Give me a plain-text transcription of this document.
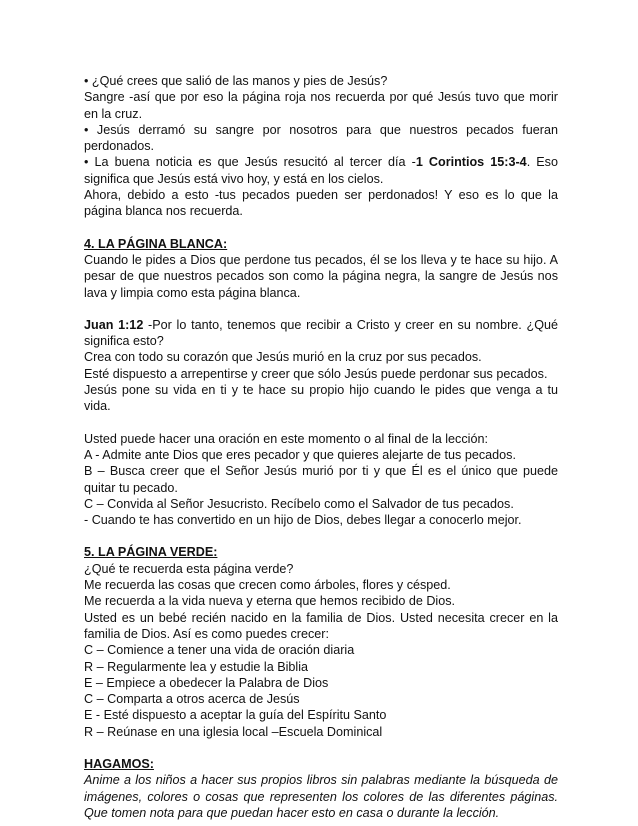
• ¿Qué crees que salió de las manos y pies de Jesús?

Sangre -así que por eso la página roja nos recuerda por qué Jesús tuvo que morir en la cruz.

• Jesús derramó su sangre por nosotros para que nuestros pecados fueran perdonados.

• La buena noticia es que Jesús resucitó al tercer día -1 Corintios 15:3-4. Eso significa que Jesús está vivo hoy, y está en los cielos.

Ahora, debido a esto -tus pecados pueden ser perdonados! Y eso es lo que la página blanca nos recuerda.

4. LA PÁGINA BLANCA:

Cuando le pides a Dios que perdone tus pecados, él se los lleva y te hace su hijo. A pesar de que nuestros pecados son como la página negra, la sangre de Jesús nos lava y limpia como esta página blanca.

Juan 1:12 -Por lo tanto, tenemos que recibir a Cristo y creer en su nombre. ¿Qué significa esto?

Crea con todo su corazón que Jesús murió en la cruz por sus pecados.

Esté dispuesto a arrepentirse y creer que sólo Jesús puede perdonar sus pecados.

Jesús pone su vida en ti y te hace su propio hijo cuando le pides que venga a tu vida.

Usted puede hacer una oración en este momento o al final de la lección:

A - Admite ante Dios que eres pecador y que quieres alejarte de tus pecados.

B – Busca creer que el Señor Jesús murió por ti y que Él es el único que puede quitar tu pecado.

C – Convida al Señor Jesucristo. Recíbelo como el Salvador de tus pecados.

- Cuando te has convertido en un hijo de Dios, debes llegar a conocerlo mejor.

5. LA PÁGINA VERDE:

¿Qué te recuerda esta página verde?

Me recuerda las cosas que crecen como árboles, flores y césped.

Me recuerda a la vida nueva y eterna que hemos recibido de Dios.

Usted es un bebé recién nacido en la familia de Dios. Usted necesita crecer en la familia de Dios. Así es como puedes crecer:

C – Comience a tener una vida de oración diaria

R – Regularmente lea y estudie la Biblia

E – Empiece a obedecer la Palabra de Dios

C – Comparta a otros acerca de Jesús

E - Esté dispuesto a aceptar la guía del Espíritu Santo

R – Reúnase en una iglesia local –Escuela Dominical

HAGAMOS:

Anime a los niños a hacer sus propios libros sin palabras mediante la búsqueda de imágenes, colores o cosas que representen los colores de las diferentes páginas. Que tomen nota para que puedan hacer esto en casa o durante la lección.
